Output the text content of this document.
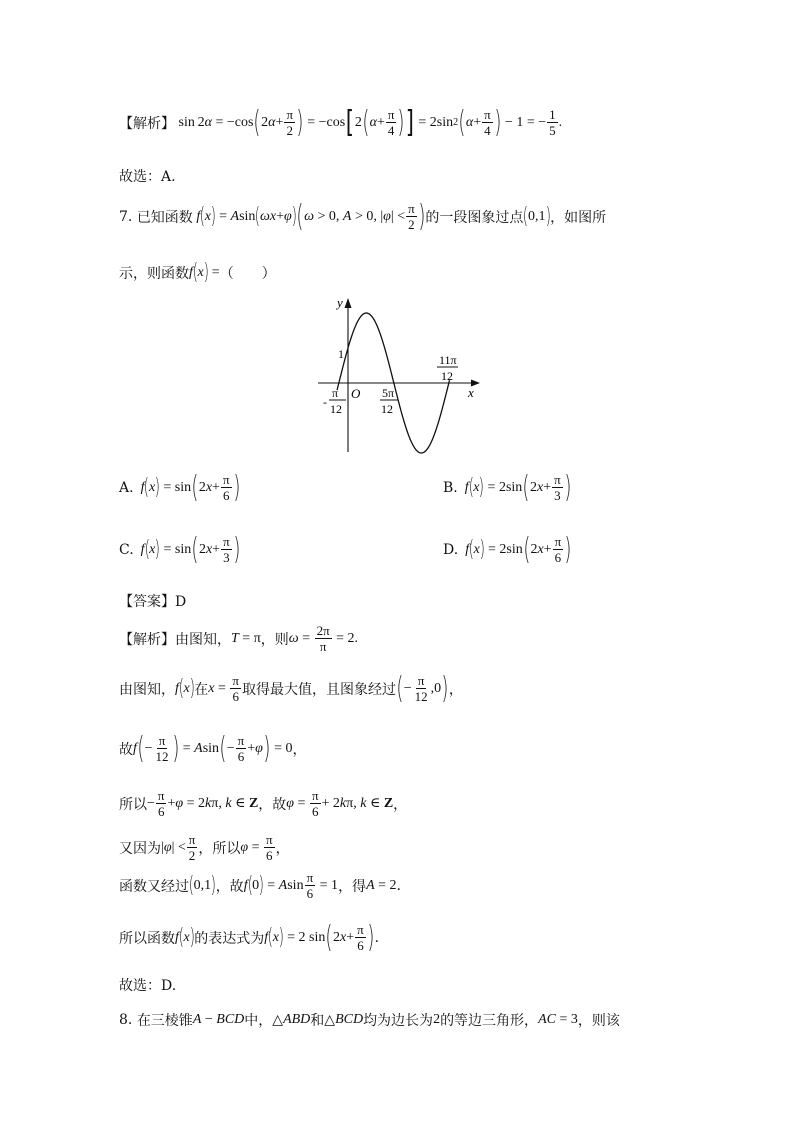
【解析】 sin 2 α = −cos ( 2 $\alpha + \frac{\pi}{2}$ ) = −cos [ 2 ( $\alpha + \frac{\pi}{4}$ ) ] = 2sin 2 ( $\alpha + \frac{\pi}{4}$ ) − 1 = − $\frac{1}{5}$ .
故选：A.
7.
已知函数 f ( x ) = A sin ( ωx + φ ) ( ω > 0, A > 0, | φ | < $\frac{\pi}{2}$ ) 的一段图象过点 ( 0,1 ) ，如图所
示，则函数 f ( x ) = （　　）
y
x
O
1
-
π
12
5π
12
11π
12
A. f ( x ) = sin ( 2 $x + \frac{\pi}{6}$ )	B. f ( x ) = 2 sin ( 2 $x + \frac{\pi}{3}$ )
C. f ( x ) = sin ( 2 $x + \frac{\pi}{3}$ )	D. f ( x ) = 2 sin ( 2 $x + \frac{\pi}{6}$ )
【答案】D
【解析】 由图知， T = π ，则 $\omega = \frac{2\pi}{\pi} = 2$.
由图知， f ( x ) 在 $x = \frac{\pi}{6}$ 取得最大值，且图象经过 ( − $\frac{\pi}{12} ,0$ ) ，
故 f ( − $\frac{\pi}{12}$ ) = A sin ( − $\frac{\pi}{6} + \varphi$ ) = 0 ，
所以 − $\frac{\pi}{6} + \varphi = 2$ k π, k ∈ Z ，故 $\varphi = \frac{\pi}{6} + 2$ k π, k ∈ Z ，
又因为 | φ | < $\frac{\pi}{2}$ ，所以 $\varphi = \frac{\pi}{6}$ ，
函数又经过 ( 0,1 ) ，故 f ( 0 ) = A $\sin \frac{\pi}{6} = 1$ ，得 A = 2 .
所以函数 f ( x ) 的表达式为 f ( x ) = 2 sin ( 2 $x + \frac{\pi}{6}$ ) .
故选：D.
8.
在三棱锥 A − BCD 中， △ ABD 和 △ BCD 均为边长为 2 的等边三角形， AC = 3 ，则该
